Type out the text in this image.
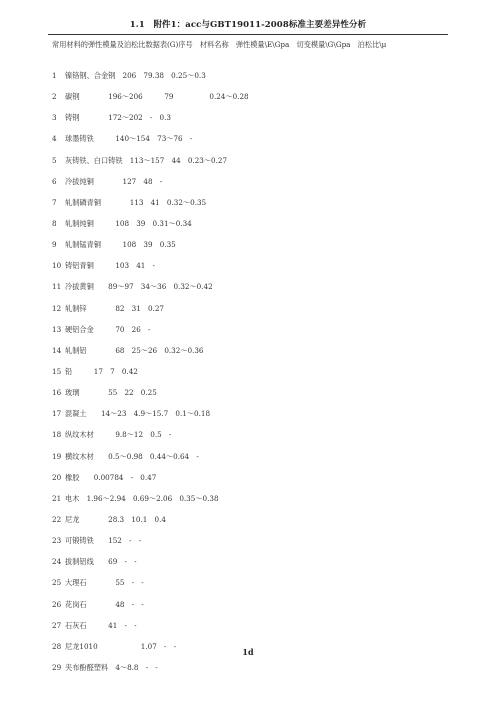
1.1　附件1：acc与GBT19011-2008标准主要差异性分析
常用材料的弹性模量及泊松比数据表(G)序号　材料名称　弹性模量\E\Gpa　切变模量\G\Gpa　泊松比\μ
1 镍铬钢、合金钢　206　79.38　0.25～0.3
2 碳钢　　　　196～206　　　79　　　　　0.24～0.28
3 铸钢　　　　172～202　-　0.3
4 球墨铸铁　　　140～154　73～76　-
5 灰铸铁、白口铸铁　113～157　44　0.23～0.27
6 冷拔纯铜　　　　127　48　-
7 轧制磷青铜　　　　113　41　0.32～0.35
8 轧制纯铜　　　108　39　0.31～0.34
9 轧制锰青铜　　　108　39　0.35
10 铸铝青铜　　　103　41　-
11 冷拔黄铜　　89～97　34～36　0.32～0.42
12 轧制锌　　　　82　31　0.27
13 硬铝合金　　　70　26　-
14 轧制铝　　　　68　25～26　0.32～0.36
15 铅　　　17　7　0.42
16 玻璃　　　　55　22　0.25
17 混凝土　　14～23　4.9～15.7　0.1～0.18
18 纵纹木材　　　9.8～12　0.5　-
19 横纹木材　　0.5～0.98　0.44～0.64　-
20 橡胶　　0.00784　-　0.47
21 电木　1.96～2.94　0.69～2.06　0.35～0.38
22 尼龙　　　　28.3　10.1　0.4
23 可锻铸铁　　152　-　-
24 拔制铝线　　69　-　-
25 大理石　　　　55　-　-
26 花岗石　　　　48　-　-
27 石灰石　　　41　-　-
28 尼龙1010　　　　　　1.07　-　-
29 夹布酚醛塑料　4～8.8　-　-
1d
